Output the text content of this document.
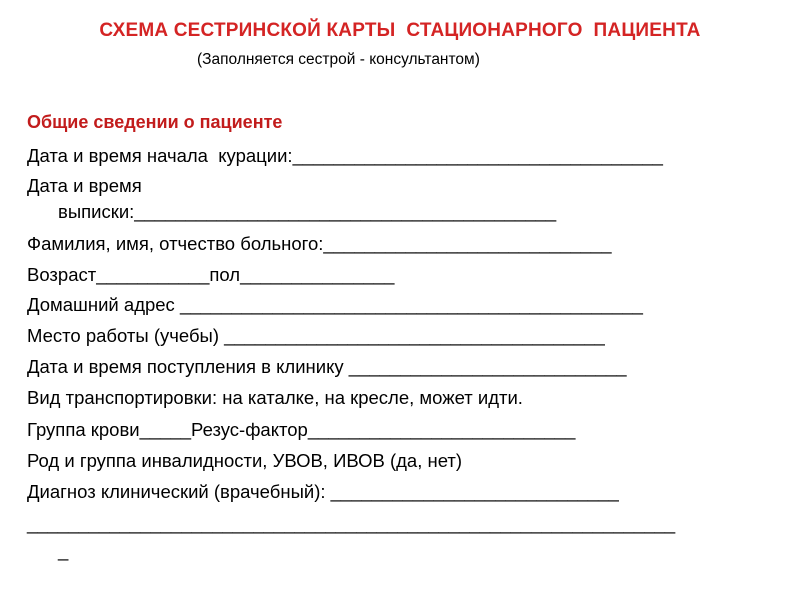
СХЕМА СЕСТРИНСКОЙ КАРТЫ  СТАЦИОНАРНОГО  ПАЦИЕНТА
(Заполняется сестрой - консультантом)
Общие сведении о пациенте
Дата и время начала  курации:____________________________________
Дата и время
выписки:_________________________________________
Фамилия, имя, отчество больного:____________________________
Возраст___________пол_______________
Домашний адрес _____________________________________________
Место работы (учебы) _____________________________________
Дата и время поступления в клинику ___________________________
Вид транспортировки: на каталке, на кресле, может идти.
Группа крови_____Резус-фактор__________________________
Род и группа инвалидности, УВОВ, ИВОВ (да, нет)
Диагноз клинический (врачебный): ____________________________
_______________________________________________________________
_
